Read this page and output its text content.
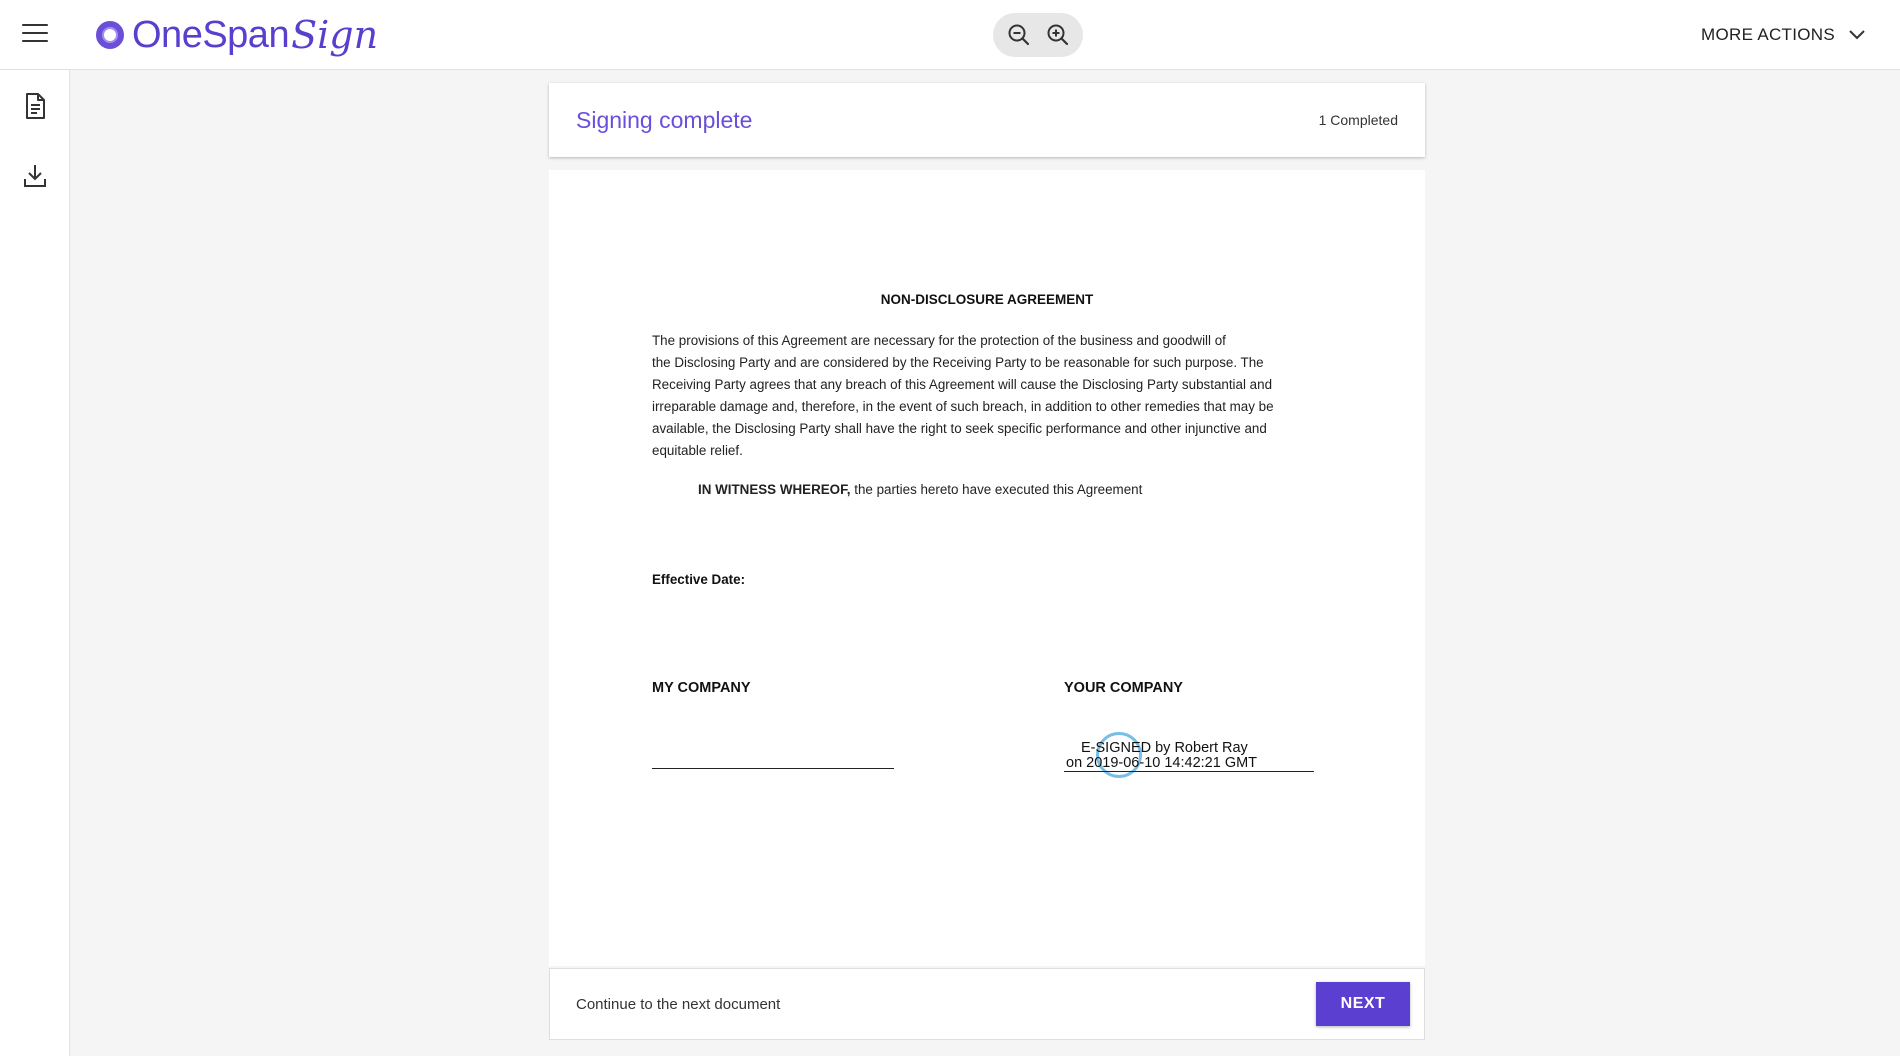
OneSpan Sign	MORE ACTIONS
Signing complete	1 Completed
NON-DISCLOSURE AGREEMENT
The provisions of this Agreement are necessary for the protection of the business and goodwill of
the Disclosing Party and are considered by the Receiving Party to be reasonable for such purpose. The
Receiving Party agrees that any breach of this Agreement will cause the Disclosing Party substantial and
irreparable damage and, therefore, in the event of such breach, in addition to other remedies that may be
available, the Disclosing Party shall have the right to seek specific performance and other injunctive and
equitable relief.
IN WITNESS WHEREOF, the parties hereto have executed this Agreement
Effective Date:
MY COMPANY	YOUR COMPANY
E-SIGNED by Robert Ray
on 2019-06-10 14:42:21 GMT
Continue to the next document	NEXT
